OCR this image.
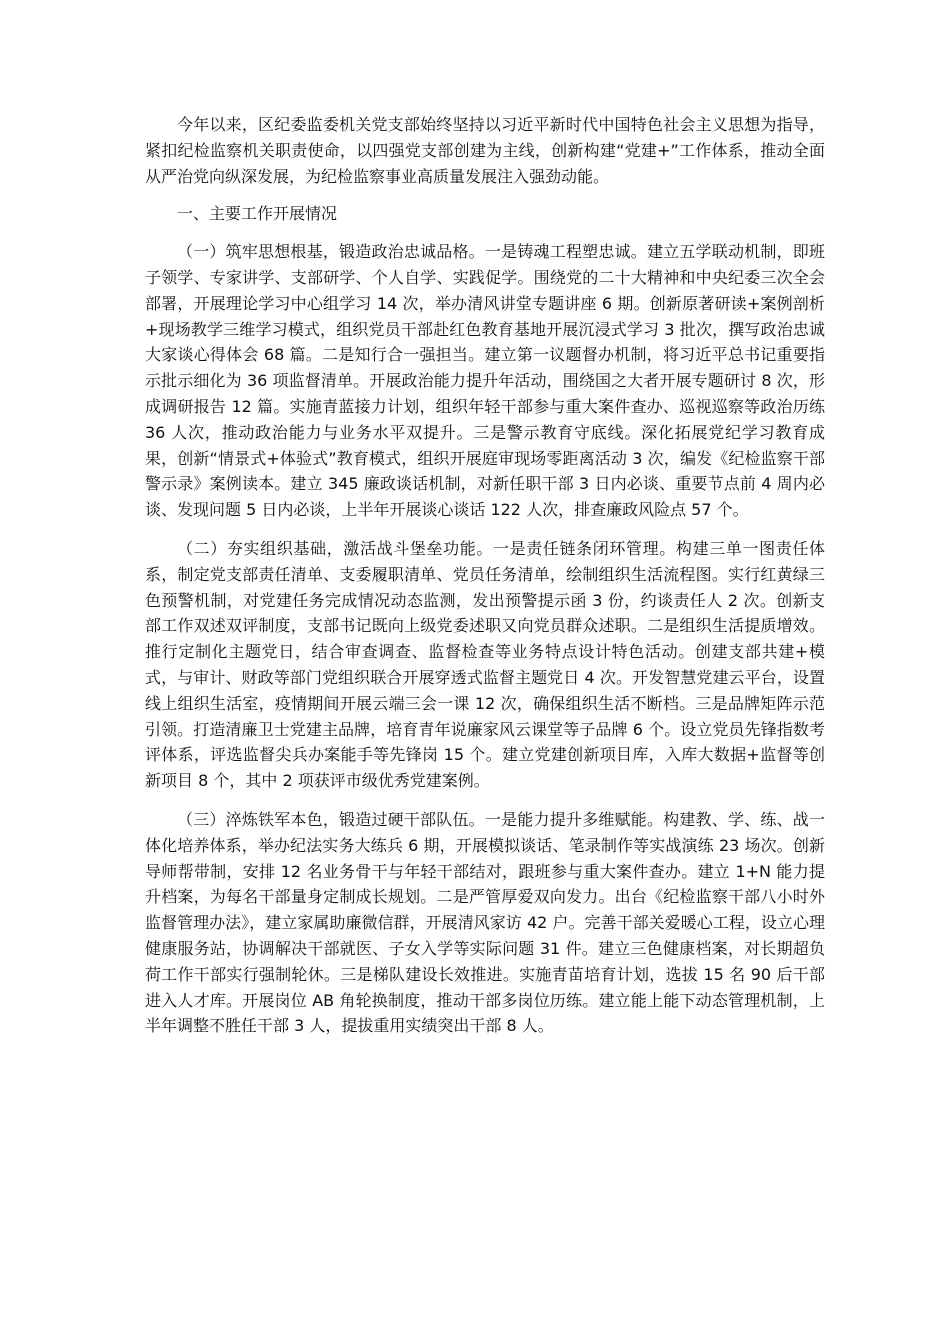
今年以来，区纪委监委机关党支部始终坚持以习近平新时代中国特色社会主义思想为指导，紧扣纪检监察机关职责使命，以四强党支部创建为主线，创新构建“党建+”工作体系，推动全面从严治党向纵深发展，为纪检监察事业高质量发展注入强劲动能。

一、主要工作开展情况

（一）筑牢思想根基，锻造政治忠诚品格。一是铸魂工程塑忠诚。建立五学联动机制，即班子领学、专家讲学、支部研学、个人自学、实践促学。围绕党的二十大精神和中央纪委三次全会部署，开展理论学习中心组学习 14 次，举办清风讲堂专题讲座 6 期。创新原著研读+案例剖析+现场教学三维学习模式，组织党员干部赴红色教育基地开展沉浸式学习 3 批次，撰写政治忠诚大家谈心得体会 68 篇。二是知行合一强担当。建立第一议题督办机制，将习近平总书记重要指示批示细化为 36 项监督清单。开展政治能力提升年活动，围绕国之大者开展专题研讨 8 次，形成调研报告 12 篇。实施青蓝接力计划，组织年轻干部参与重大案件查办、巡视巡察等政治历练 36 人次，推动政治能力与业务水平双提升。三是警示教育守底线。深化拓展党纪学习教育成果，创新“情景式+体验式”教育模式，组织开展庭审现场零距离活动 3 次，编发《纪检监察干部警示录》案例读本。建立 345 廉政谈话机制，对新任职干部 3 日内必谈、重要节点前 4 周内必谈、发现问题 5 日内必谈，上半年开展谈心谈话 122 人次，排查廉政风险点 57 个。

（二）夯实组织基础，激活战斗堡垒功能。一是责任链条闭环管理。构建三单一图责任体系，制定党支部责任清单、支委履职清单、党员任务清单，绘制组织生活流程图。实行红黄绿三色预警机制，对党建任务完成情况动态监测，发出预警提示函 3 份，约谈责任人 2 次。创新支部工作双述双评制度，支部书记既向上级党委述职又向党员群众述职。二是组织生活提质增效。推行定制化主题党日，结合审查调查、监督检查等业务特点设计特色活动。创建支部共建+模式，与审计、财政等部门党组织联合开展穿透式监督主题党日 4 次。开发智慧党建云平台，设置线上组织生活室，疫情期间开展云端三会一课 12 次，确保组织生活不断档。三是品牌矩阵示范引领。打造清廉卫士党建主品牌，培育青年说廉家风云课堂等子品牌 6 个。设立党员先锋指数考评体系，评选监督尖兵办案能手等先锋岗 15 个。建立党建创新项目库，入库大数据+监督等创新项目 8 个，其中 2 项获评市级优秀党建案例。

（三）淬炼铁军本色，锻造过硬干部队伍。一是能力提升多维赋能。构建教、学、练、战一体化培养体系，举办纪法实务大练兵 6 期，开展模拟谈话、笔录制作等实战演练 23 场次。创新导师帮带制，安排 12 名业务骨干与年轻干部结对，跟班参与重大案件查办。建立 1+N 能力提升档案，为每名干部量身定制成长规划。二是严管厚爱双向发力。出台《纪检监察干部八小时外监督管理办法》，建立家属助廉微信群，开展清风家访 42 户。完善干部关爱暖心工程，设立心理健康服务站，协调解决干部就医、子女入学等实际问题 31 件。建立三色健康档案，对长期超负荷工作干部实行强制轮休。三是梯队建设长效推进。实施青苗培育计划，选拔 15 名 90 后干部进入人才库。开展岗位 AB 角轮换制度，推动干部多岗位历练。建立能上能下动态管理机制，上半年调整不胜任干部 3 人，提拔重用实绩突出干部 8 人。
